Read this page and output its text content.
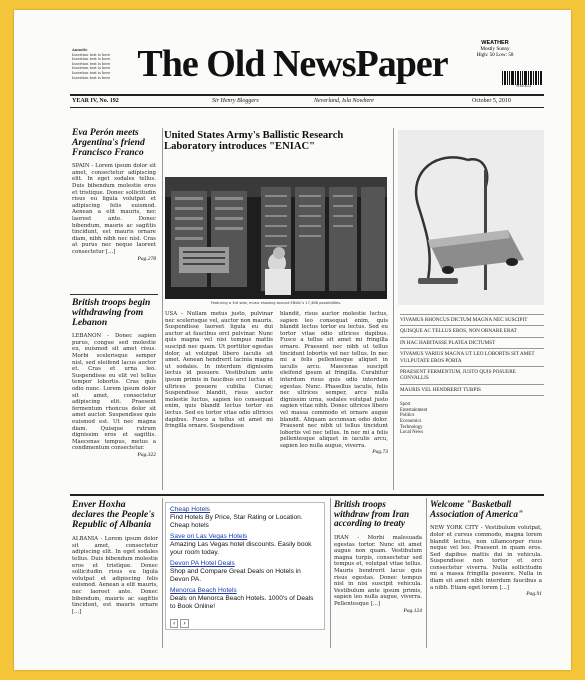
Annotic
Insertion text is here
Insertion text is here
Insertion text is here
Insertion text is here
Insertion text is here
Insertion text is here The Old NewsPaper	WEATHER
Mostly Sunny
High: 50 Low: 58
WEEKLY
YEAR IV, No. 192	Sir Henry Bloggers	Neverland, Isla Nowhere	October 5, 2010
Eva Perón meets Argentina's friend Francisco Franco
SPAIN - Lorem ipsum dolor sit amet, consectetur adipiscing elit. In eget sodales tellus. Duis bibendum molestie eros et tristique. Donec sollicitudin risus eu ligula volutpat et adipiscing felis euismod. Aenean a elit mauris, nec laoreet ante. Donec bibendum, mauris ac sagittis tincidunt, est mauris ornare diam, nibh nibh nec nisl. Cras at purus nec neque laoreet consectetur [...]
Pag.278
British troops begin withdrawing from Lebanon
LEBANON - Donec sapien purus, congue sed molestie eu, euismod sit amet risus. Morbi scelerisque semper nisl, sed eleifend lacus auctor et. Cras et urna leo. Suspendisse eu elit vel tellus tempor lobortis. Cras quis odio nunc. Lorem ipsum dolor sit amet, consectetur adipiscing elit. Praesent fermentum rhoncus dolor sit amet auctor. Suspendisse quis euismod est. Ut nec magna diam. Quisque rutrum dignissim eros et sagittis. Maecenas tempus, metus a condimentum consectetur.
Pag.322
United States Army's Ballistic Research Laboratory introduces "ENIAC"
Featuring a 3rd side, music showing around ENIAC's 17,468 possibilities.
USA - Nullam metus justo, pulvinar nec scelerisque vel, auctor non mauris. Suspendisse laoreet ligula eu dui auctor at faucibus orci pulvinar. Nunc quis magna vel nisi tempus mattis suscipit nec quam. Ut porttitor egestas dolor, at volutpat libero iaculis sit amet. Aenean hendrerit lacinia magna ut sodales. In interdum dignissim lectus id posuere. Vestibulum ante ipsum primis in faucibus orci luctus et ultrices posuere cubilia Curae; Suspendisse blandit, risus auctor molestie luctus, sapien leo consequat enim, quis blandit lectus tortor eu lectus. Sed eu tortor vitae odio ultrices dapibus. Fusce a tellus sit amet mi fringilla ornare. Suspendisse
blandit, risus auctor molestie luctus, sapien leo consequat enim, quis blandit lectus tortor eu lectus. Sed eu tortor vitae odio ultrices dapibus. Fusce a tellus sit amet mi fringilla ornare. Praesent nec nibh ut tellus tincidunt lobortis vel nec tellus. In nec mi a felis pellentesque aliquet in iaculis arcu. Maecenas suscipit eleifend ipsum at fringilla. Curabitur interdum risus quis odio interdum egestas. Nunc. Phasellus iaculis, felis nec ultrices semper, arcu nulla dignissim urna, sodales volutpat justo sapien vitae nibh. Donec ultrices libero vel massa commodo et ornare augue blandit. Aliquam accumsan odio dolor. Praesent nec nibh ut tellus tincidunt lobortis vel nec tellus. In nec mi a felis pellentesque aliquet in iaculis arcu, sapien leo nulla augue, viverra.
Pag.73
VIVAMUS RHONCUS DICTUM MAGNA NEC SUSCIPIT
QUISQUE AC TELLUS EROS, NON ORNARE ERAT
IN HAC HABITASSE PLATEA DICTUMST
VIVAMUS VARIUS MAGNA UT LEO LOBORTIS SIT AMET VULPUTATE EROS PORTA
PRAESENT FERMENTUM, JUSTO QUIS POSUERE CONVALLIS
MAURIS VEL HENDRERIT TURPIS
Sport
Entertainment
Politics
Economics
Technology
Local News
Enver Hoxha declares the People's Republic of Albania
ALBANIA - Lorem ipsum dolor sit amet, consectetur adipiscing elit. In eget sodales tellus. Duis bibendum molestie eros et tristique. Donec sollicitudin risus eu ligula volutpat et adipiscing felis euismod. Aenean a elit mauris, nec laoreet ante. Donec bibendum, mauris ac sagittis tincidunt, est mauris ornare [...]
Cheap Hotels
Find Hotels By Price, Star Rating or Location. Cheap hotels
Save on Las Vegas Hotels
Amazing Las Vegas hotel discounts. Easily book your room today.
Devon PA Hotel Deals
Shop and Compare Great Deals on Hotels in Devon PA.
Menorca Beach Hotels
Deals on Menorca Beach Hotels. 1000's of Deals to Book Online!
‹ ›
British troops withdraw from Iran according to treaty
IRAN - Morbi malesuada egestas tortor. Nunc sit amet augue non quam. Vestibulum magna turpis, consectetur sed tempus et, volutpat vitae tellus. Mauris hendrerit lacus quis risus egestas. Donec tempus nisl in nisi suscipit vehicula. Vestibulum ante ipsum primis, sapien leo nulla augue, viverra. Pellentesque [...]
Pag.124
Welcome "Basketball Association of America"
NEW YORK CITY - Vestibulum volutpat, dolor et cursus commodo, magna lorem blandit lectus, non ullamcorper risus neque vel leo. Praesent in quam eros. Sed dapibus mattis dui in vehicula. Suspendisse non tortor et orci consectetur viverra. Nulla sollicitudin mi a massa fringilla posuere. Nulla in diam sit amet nibh interdum faucibus a a nibh. Etiam eget lorem [...]
Pag.91
